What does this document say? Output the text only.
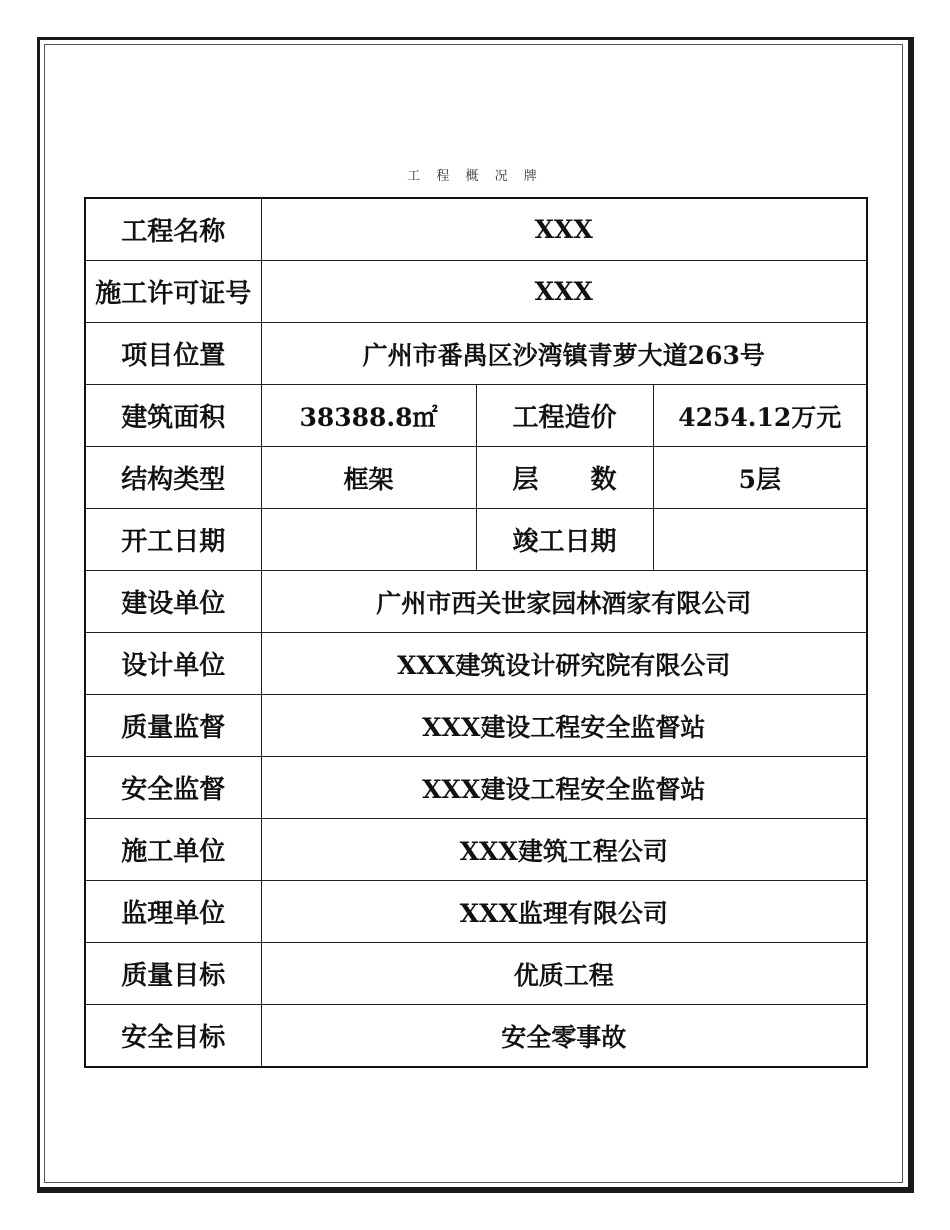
工 程 概 况 牌
工程名称	XXX		
施工许可证号	XXX		
项目位置	广州市番禺区沙湾镇青萝大道263号		
建筑面积	38388.8㎡	工程造价	4254.12万元
结构类型	框架	层　　数	5层
开工日期		竣工日期	
建设单位	广州市西关世家园林酒家有限公司		
设计单位	XXX建筑设计研究院有限公司		
质量监督	XXX建设工程安全监督站		
安全监督	XXX建设工程安全监督站		
施工单位	XXX建筑工程公司		
监理单位	XXX监理有限公司		
质量目标	优质工程		
安全目标	安全零事故		
